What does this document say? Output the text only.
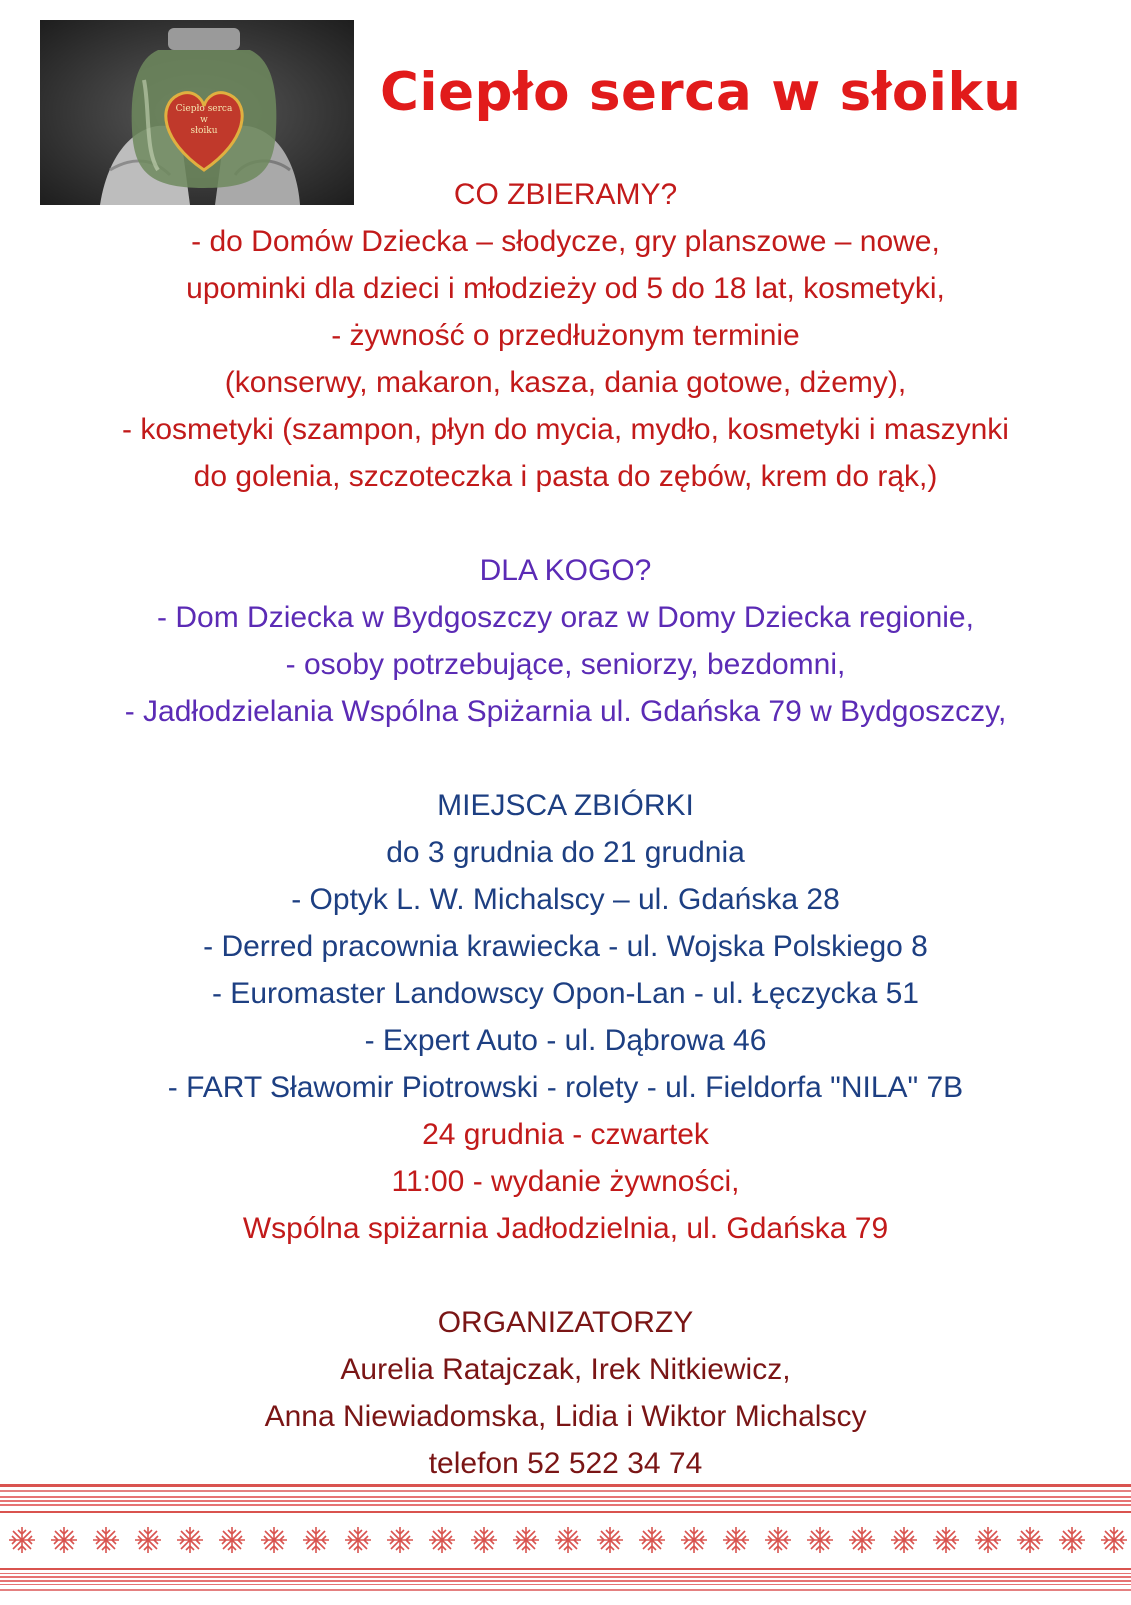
Ciepło serca
w
słoiku
Ciepło serca w słoiku
CO ZBIERAMY?
- do Domów Dziecka – słodycze, gry planszowe – nowe,
upominki dla dzieci i młodzieży od 5 do 18 lat, kosmetyki,
- żywność o przedłużonym terminie
(konserwy, makaron, kasza, dania gotowe, dżemy),
- kosmetyki (szampon, płyn do mycia, mydło, kosmetyki i maszynki
do golenia, szczoteczka i pasta do zębów, krem do rąk,)
DLA KOGO?
- Dom Dziecka w Bydgoszczy oraz w Domy Dziecka regionie,
- osoby potrzebujące, seniorzy, bezdomni,
- Jadłodzielania Wspólna Spiżarnia ul. Gdańska 79 w Bydgoszczy,
MIEJSCA ZBIÓRKI
do 3 grudnia do 21 grudnia
- Optyk L. W. Michalscy – ul. Gdańska 28
- Derred pracownia krawiecka - ul. Wojska Polskiego 8
- Euromaster Landowscy Opon-Lan - ul. Łęczycka 51
- Expert Auto - ul. Dąbrowa 46
- FART Sławomir Piotrowski - rolety - ul. Fieldorfa "NILA" 7B
24 grudnia - czwartek
11:00 - wydanie żywności,
Wspólna spiżarnia Jadłodzielnia, ul. Gdańska 79
ORGANIZATORZY
Aurelia Ratajczak, Irek Nitkiewicz,
Anna Niewiadomska, Lidia i Wiktor Michalscy
telefon 52 522 34 74
